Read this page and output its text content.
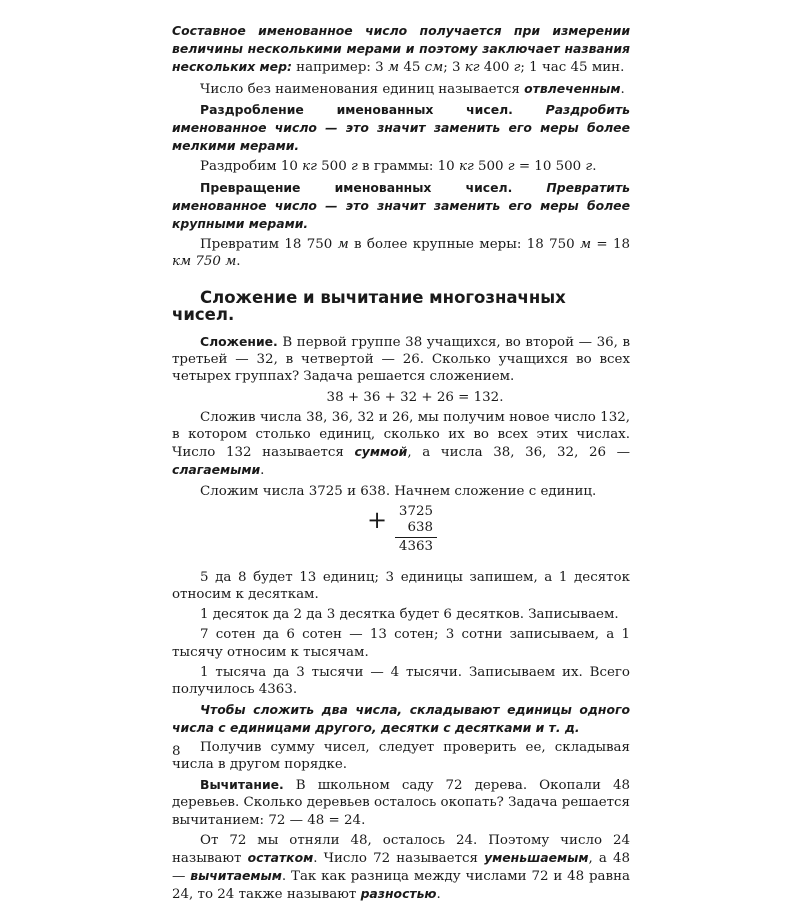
Составное именованное число получается при измерении величины несколькими мерами и поэтому заключает названия нескольких мер: например: 3 м 45 см; 3 кг 400 г; 1 час 45 мин.

Число без наименования единиц называется отвлеченным.

Раздробление именованных чисел.	Раздробить именованное число — это значит заменить его меры более мелкими мерами.

Раздробим 10 кг 500 г в граммы: 10 кг 500 г = 10 500 г.

Превращение именованных чисел.	Превратить именованное число — это значит заменить его меры более крупными мерами.

Превратим 18 750 м в более крупные меры: 18 750 м = 18 км 750 м.

Сложение и вычитание многозначных чисел.

Сложение. В первой группе 38 учащихся, во второй — 36, в третьей — 32, в четвертой — 26. Сколько учащихся во всех четырех группах? Задача решается сложением.

38 + 36 + 32 + 26 = 132.

Сложив числа 38, 36, 32 и 26, мы получим новое число 132, в котором столько единиц, сколько их во всех этих числах. Число 132 называется суммой, а числа 38, 36, 32, 26 — слагаемыми.

Сложим числа 3725 и 638. Начнем сложение с единиц.

+ 3725
638
4363

5 да 8 будет 13 единиц; 3 единицы запишем, а 1 десяток относим к десяткам.

1 десяток да 2 да 3 десятка будет 6 десятков. Записываем.

7 сотен да 6 сотен — 13 сотен; 3 сотни записываем, а 1 тысячу относим к тысячам.

1 тысяча да 3 тысячи — 4 тысячи. Записываем их. Всего получилось 4363.

Чтобы сложить два числа, складывают единицы одного числа с единицами другого, десятки с десятками и т. д.

Получив сумму чисел, следует проверить ее, складывая числа в другом порядке.

Вычитание. В школьном саду 72 дерева. Окопали 48 деревьев. Сколько деревьев осталось окопать? Задача решается вычитанием: 72 — 48 = 24.

От 72 мы отняли 48, осталось 24. Поэтому число 24 называют остатком. Число 72 называется уменьшаемым, а 48 — вычитаемым. Так как разница между числами 72 и 48 равна 24, то 24 также называют разностью.

8
